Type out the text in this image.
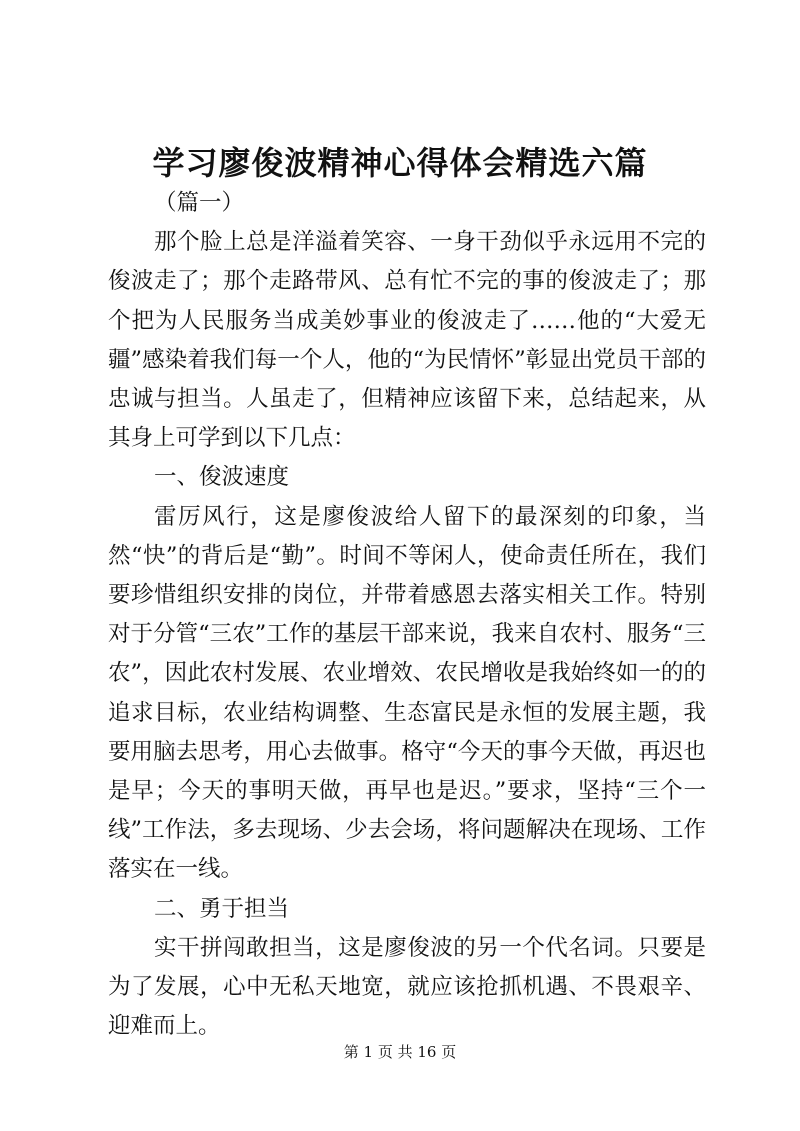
学习廖俊波精神心得体会精选六篇

（篇一）

那个脸上总是洋溢着笑容、一身干劲似乎永远用不完的俊波走了；那个走路带风、总有忙不完的事的俊波走了；那个把为人民服务当成美妙事业的俊波走了……他的“大爱无疆”感染着我们每一个人，他的“为民情怀”彰显出党员干部的忠诚与担当。人虽走了，但精神应该留下来，总结起来，从其身上可学到以下几点：

一、俊波速度

雷厉风行，这是廖俊波给人留下的最深刻的印象，当然“快”的背后是“勤”。时间不等闲人，使命责任所在，我们要珍惜组织安排的岗位，并带着感恩去落实相关工作。特别对于分管“三农”工作的基层干部来说，我来自农村、服务“三农”，因此农村发展、农业增效、农民增收是我始终如一的的追求目标，农业结构调整、生态富民是永恒的发展主题，我要用脑去思考，用心去做事。格守“今天的事今天做，再迟也是早；今天的事明天做，再早也是迟。”要求，坚持“三个一线”工作法，多去现场、少去会场，将问题解决在现场、工作落实在一线。

二、勇于担当

实干拼闯敢担当，这是廖俊波的另一个代名词。只要是为了发展，心中无私天地宽，就应该抢抓机遇、不畏艰辛、迎难而上。

第 1 页 共 16 页
